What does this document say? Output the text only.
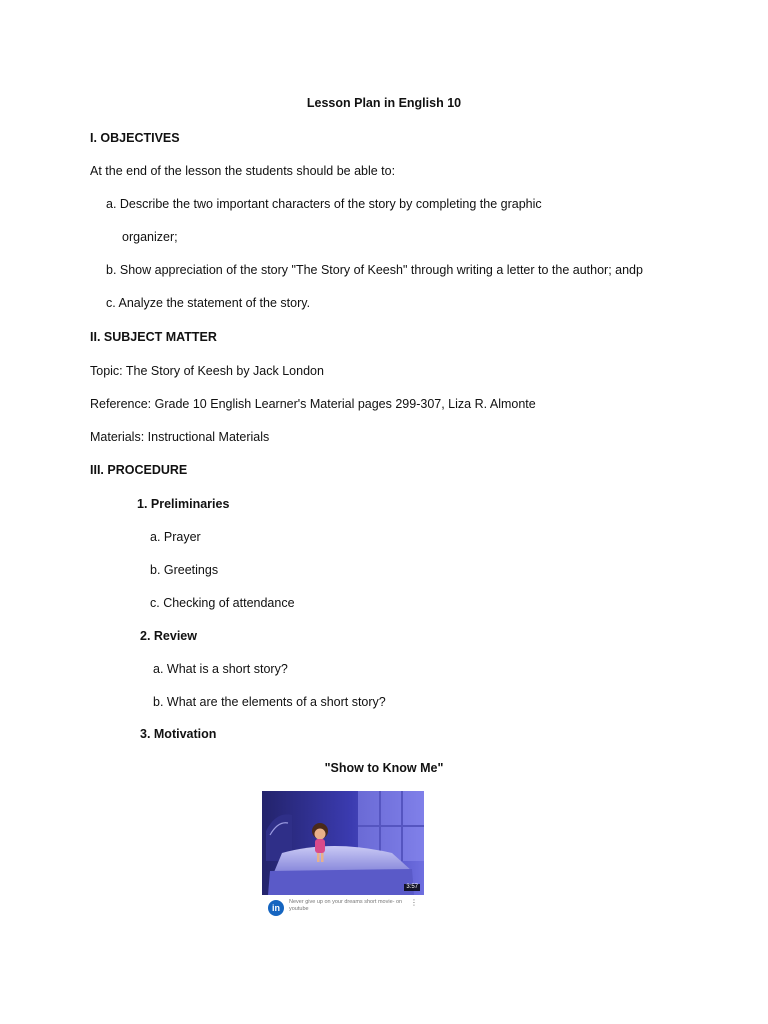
Lesson Plan in English 10
I. OBJECTIVES
At the end of the lesson the students should be able to:
a. Describe the two important characters of the story by completing the graphic
organizer;
b. Show appreciation of the story "The Story of Keesh" through writing a letter to the author; andp
c. Analyze the statement of the story.
II. SUBJECT MATTER
Topic: The Story of Keesh by Jack London
Reference: Grade 10 English Learner's Material pages 299-307, Liza R. Almonte
Materials: Instructional Materials
III. PROCEDURE
1. Preliminaries
a. Prayer
b. Greetings
c. Checking of attendance
2. Review
a. What is a short story?
b. What are the elements of a short story?
3. Motivation
"Show to Know Me"
3:57
in
Never give up on your dreams short movie- on youtube
⋮
